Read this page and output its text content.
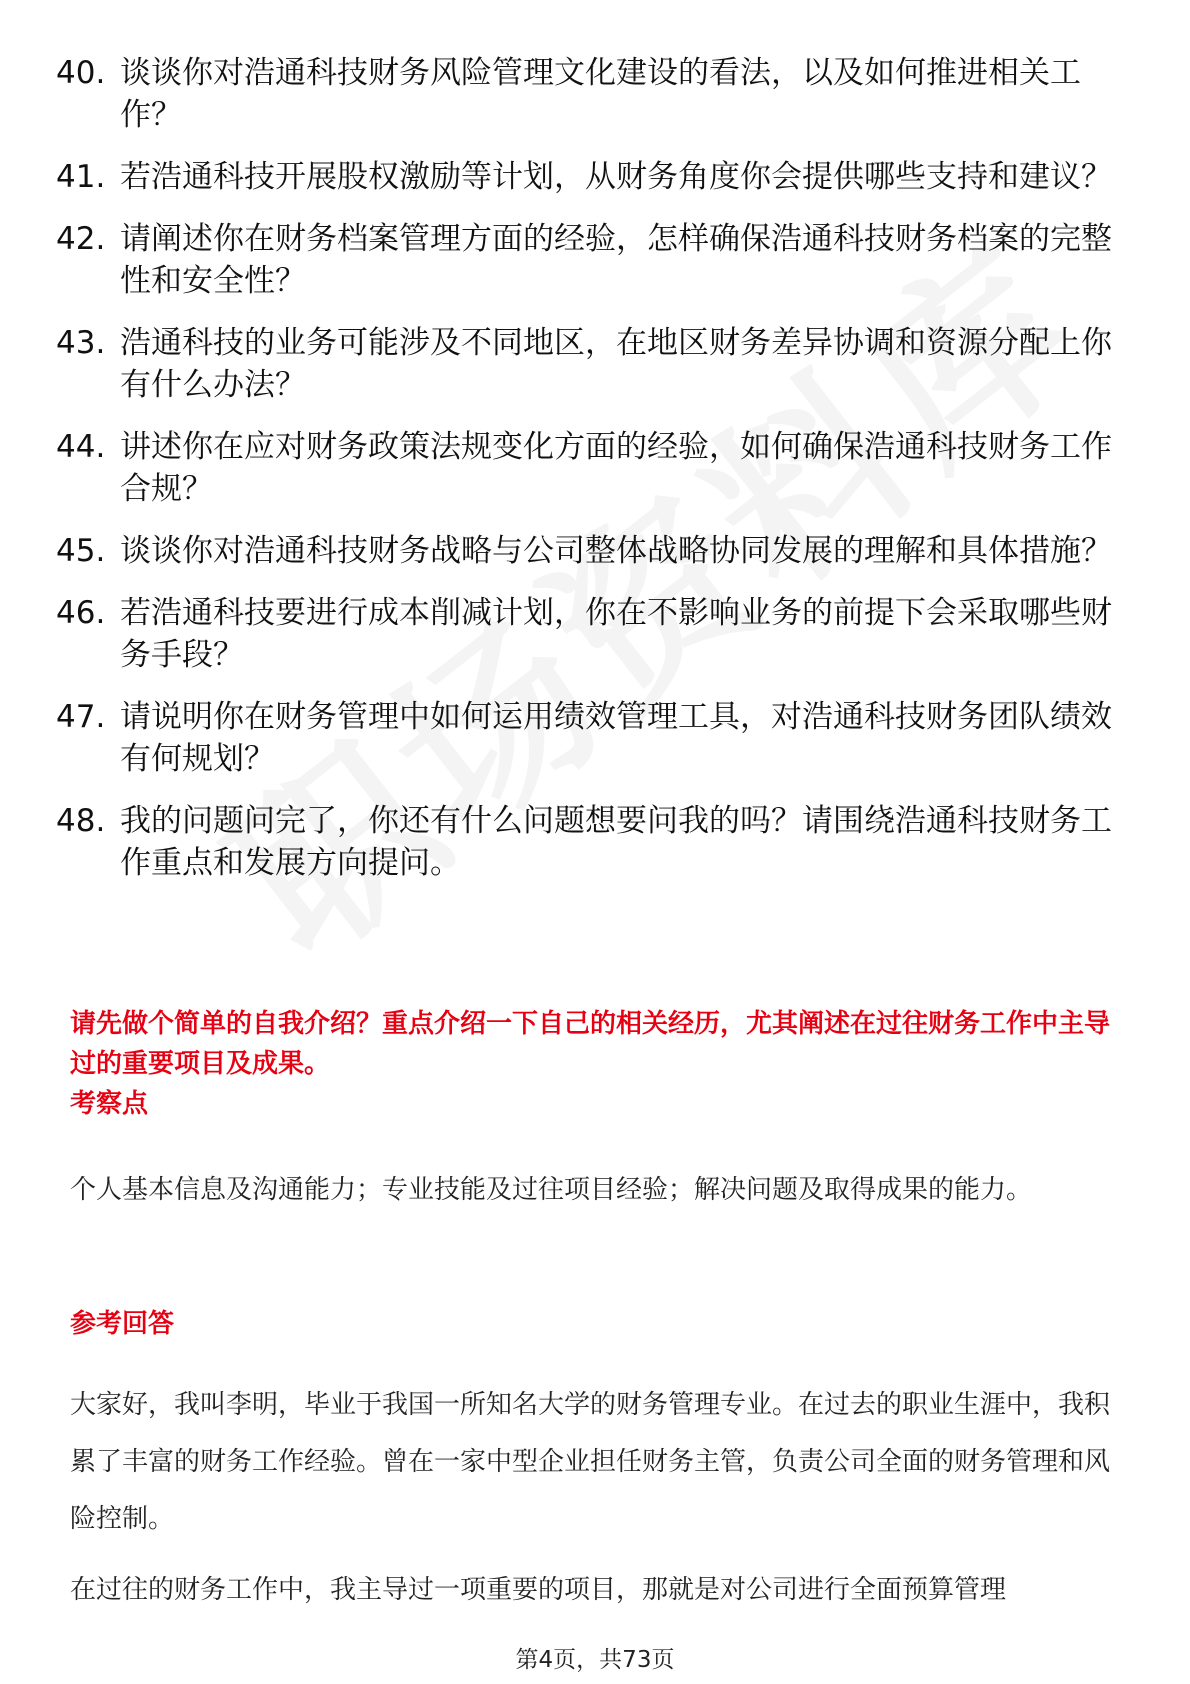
40. 谈谈你对浩通科技财务风险管理文化建设的看法，以及如何推进相关工作？
41. 若浩通科技开展股权激励等计划，从财务角度你会提供哪些支持和建议？
42. 请阐述你在财务档案管理方面的经验，怎样确保浩通科技财务档案的完整性和安全性？
43. 浩通科技的业务可能涉及不同地区，在地区财务差异协调和资源分配上你有什么办法？
44. 讲述你在应对财务政策法规变化方面的经验，如何确保浩通科技财务工作合规？
45. 谈谈你对浩通科技财务战略与公司整体战略协同发展的理解和具体措施？
46. 若浩通科技要进行成本削减计划，你在不影响业务的前提下会采取哪些财务手段？
47. 请说明你在财务管理中如何运用绩效管理工具，对浩通科技财务团队绩效有何规划？
48. 我的问题问完了，你还有什么问题想要问我的吗？请围绕浩通科技财务工作重点和发展方向提问。
请先做个简单的自我介绍？重点介绍一下自己的相关经历，尤其阐述在过往财务工作中主导过的重要项目及成果。
考察点

个人基本信息及沟通能力；专业技能及过往项目经验；解决问题及取得成果的能力。

参考回答

大家好，我叫李明，毕业于我国一所知名大学的财务管理专业。在过去的职业生涯中，我积累了丰富的财务工作经验。曾在一家中型企业担任财务主管，负责公司全面的财务管理和风险控制。

在过往的财务工作中，我主导过一项重要的项目，那就是对公司进行全面预算管理

第4页，共73页
